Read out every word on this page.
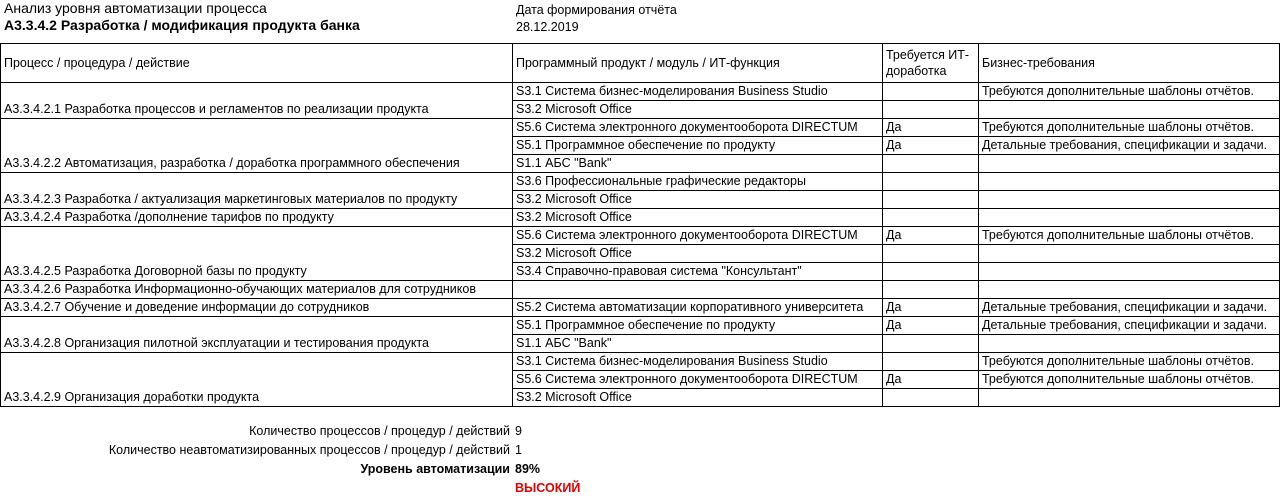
Анализ уровня автоматизации процесса
А3.3.4.2 Разработка / модификация продукта банка
Дата формирования отчёта
28.12.2019
Процесс / процедура / действие	Программный продукт / модуль / ИТ-функция	Требуется ИТ-доработка	Бизнес-требования
А3.3.4.2.1 Разработка процессов и регламентов по реализации продукта	S3.1 Система бизнес-моделирования Business Studio		Требуются дополнительные шаблоны отчётов.
	S3.2 Microsoft Office		
А3.3.4.2.2 Автоматизация, разработка / доработка программного обеспечения	S5.6 Система электронного документооборота DIRECTUM	Да	Требуются дополнительные шаблоны отчётов.
	S5.1 Программное обеспечение по продукту	Да	Детальные требования, спецификации и задачи.
	S1.1 АБС "Bank"		
А3.3.4.2.3 Разработка / актуализация маркетинговых материалов по продукту	S3.6 Профессиональные графические редакторы		
	S3.2 Microsoft Office		
А3.3.4.2.4 Разработка /дополнение тарифов по продукту	S3.2 Microsoft Office		
А3.3.4.2.5 Разработка Договорной базы по продукту	S5.6 Система электронного документооборота DIRECTUM	Да	Требуются дополнительные шаблоны отчётов.
	S3.2 Microsoft Office		
	S3.4 Справочно-правовая система "Консультант"		
А3.3.4.2.6 Разработка Информационно-обучающих материалов для сотрудников			
А3.3.4.2.7 Обучение и доведение информации до сотрудников	S5.2 Система автоматизации корпоративного университета	Да	Детальные требования, спецификации и задачи.
А3.3.4.2.8 Организация пилотной эксплуатации и тестирования продукта	S5.1 Программное обеспечение по продукту	Да	Детальные требования, спецификации и задачи.
	S1.1 АБС "Bank"		
А3.3.4.2.9 Организация доработки продукта	S3.1 Система бизнес-моделирования Business Studio		Требуются дополнительные шаблоны отчётов.
	S5.6 Система электронного документооборота DIRECTUM	Да	Требуются дополнительные шаблоны отчётов.
	S3.2 Microsoft Office		
Количество процессов / процедур / действий 9
Количество неавтоматизированных процессов / процедур / действий 1
Уровень автоматизации 89%
ВЫСОКИЙ
